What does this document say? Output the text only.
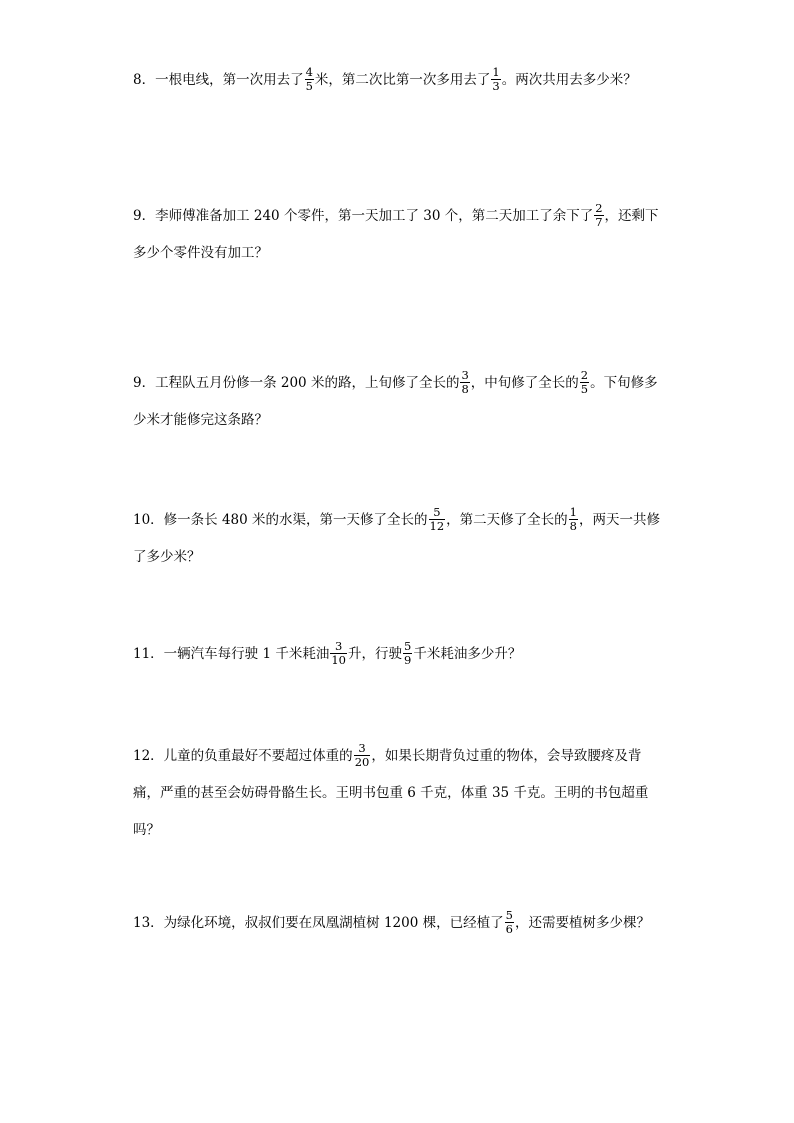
8．一根电线，第一次用去了 $\frac{4}{5}$ 米，第二次比第一次多用去了 $\frac{1}{3}$ 。两次共用去多少米？
9．李师傅准备加工 240 个零件，第一天加工了 30 个，第二天加工了余下了 $\frac{2}{7}$ ，还剩下多少个零件没有加工？
9．工程队五月份修一条 200 米的路，上旬修了全长的 $\frac{3}{8}$ ，中旬修了全长的 $\frac{2}{5}$ 。下旬修多少米才能修完这条路？
10．修一条长 480 米的水渠，第一天修了全长的 $\frac{5}{12}$ ，第二天修了全长的 $\frac{1}{8}$ ，两天一共修了多少米？
11．一辆汽车每行驶 1 千米耗油 $\frac{3}{10}$ 升，行驶 $\frac{5}{9}$ 千米耗油多少升？
12．儿童的负重最好不要超过体重的 $\frac{3}{20}$ ，如果长期背负过重的物体，会导致腰疼及背痛，严重的甚至会妨碍骨骼生长。王明书包重 6 千克，体重 35 千克。王明的书包超重吗？
13．为绿化环境，叔叔们要在凤凰湖植树 1200 棵，已经植了 $\frac{5}{6}$ ，还需要植树多少棵？
